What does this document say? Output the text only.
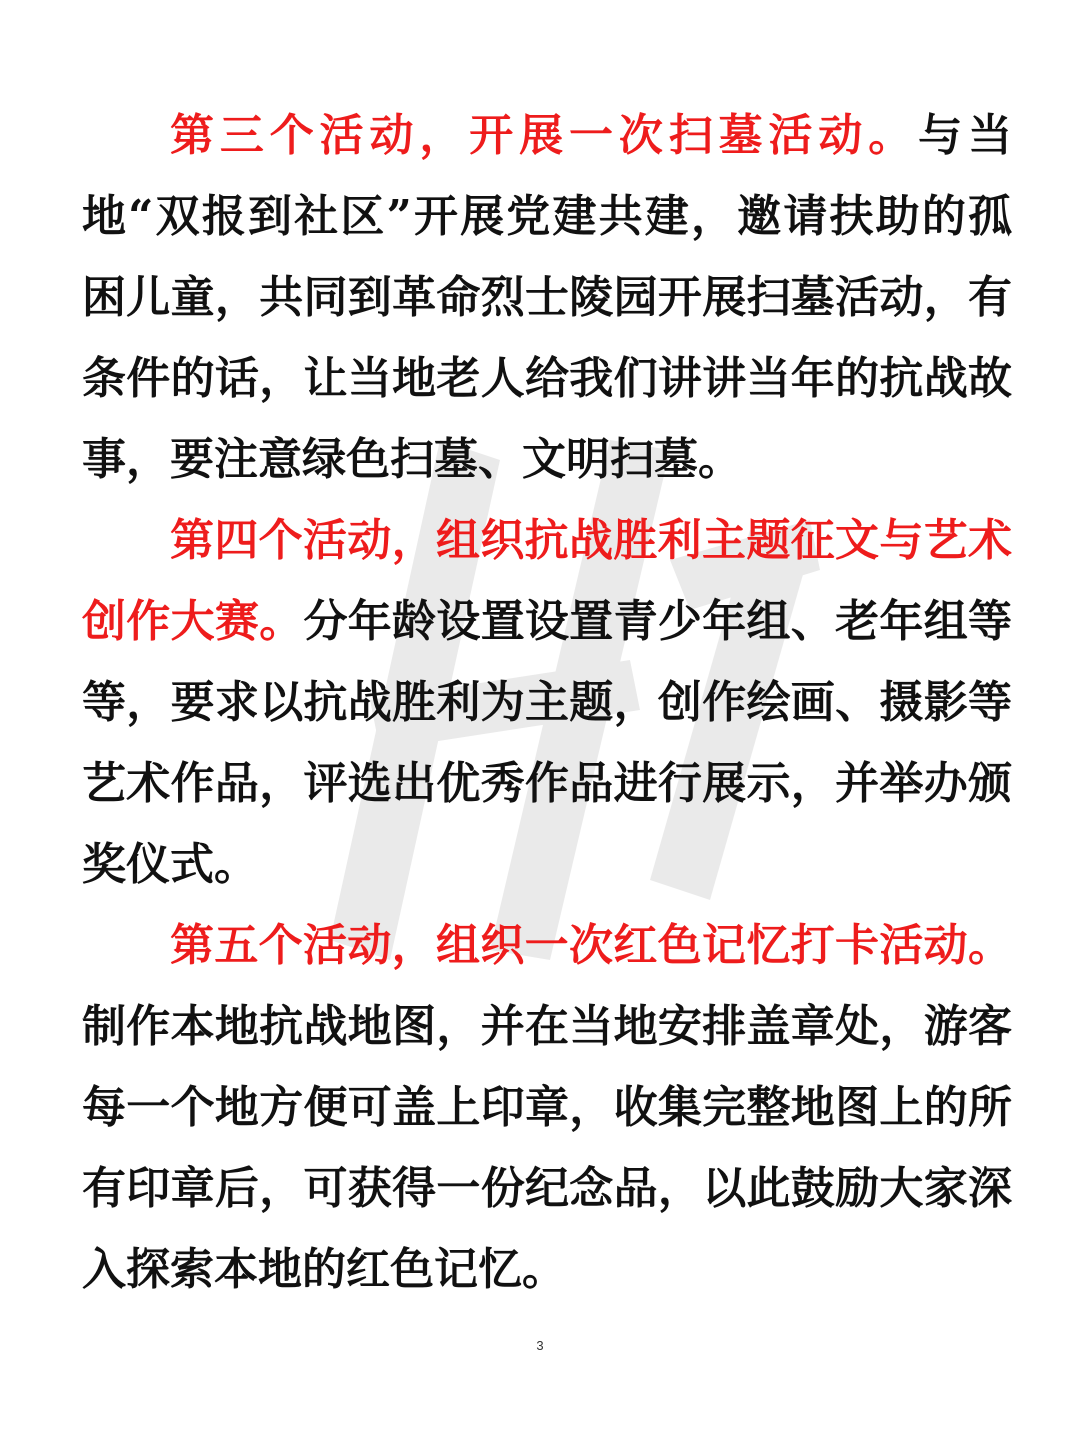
第三个活动，开展一次扫墓活动。与当地“双报到社区”开展党建共建，邀请扶助的孤困儿童，共同到革命烈士陵园开展扫墓活动，有条件的话，让当地老人给我们讲讲当年的抗战故事，要注意绿色扫墓、文明扫墓。

第四个活动，组织抗战胜利主题征文与艺术创作大赛。分年龄设置设置青少年组、老年组等等，要求以抗战胜利为主题，创作绘画、摄影等艺术作品，评选出优秀作品进行展示，并举办颁奖仪式。

第五个活动，组织一次红色记忆打卡活动。制作本地抗战地图，并在当地安排盖章处，游客每一个地方便可盖上印章，收集完整地图上的所有印章后，可获得一份纪念品，以此鼓励大家深入探索本地的红色记忆。

3
